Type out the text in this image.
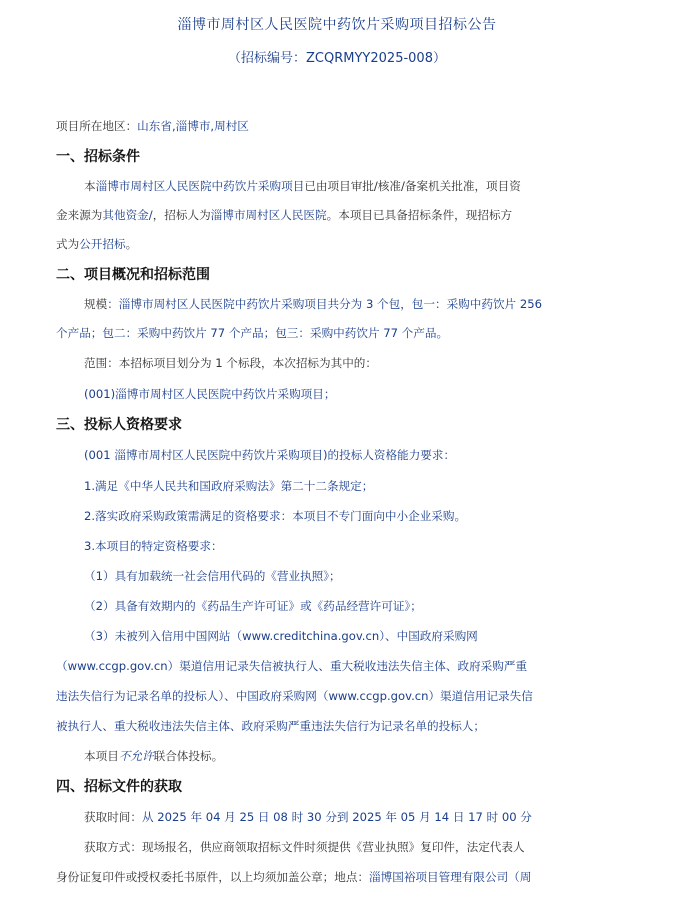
淄博市周村区人民医院中药饮片采购项目招标公告
（招标编号：ZCQRMYY2025-008）
项目所在地区：山东省,淄博市,周村区
一、招标条件
本淄博市周村区人民医院中药饮片采购项目已由项目审批/核准/备案机关批准，项目资
金来源为其他资金/，招标人为淄博市周村区人民医院。本项目已具备招标条件，现招标方
式为公开招标。
二、项目概况和招标范围
规模：淄博市周村区人民医院中药饮片采购项目共分为 3 个包，包一：采购中药饮片 256
个产品；包二：采购中药饮片 77 个产品；包三：采购中药饮片 77 个产品。
范围：本招标项目划分为 1 个标段，本次招标为其中的：
(001)淄博市周村区人民医院中药饮片采购项目；
三、投标人资格要求
(001 淄博市周村区人民医院中药饮片采购项目)的投标人资格能力要求：
1.满足《中华人民共和国政府采购法》第二十二条规定；
2.落实政府采购政策需满足的资格要求：本项目不专门面向中小企业采购。
3.本项目的特定资格要求：
（1）具有加载统一社会信用代码的《营业执照》；
（2）具备有效期内的《药品生产许可证》或《药品经营许可证》；
（3）未被列入信用中国网站（www.creditchina.gov.cn）、中国政府采购网
（www.ccgp.gov.cn）渠道信用记录失信被执行人、重大税收违法失信主体、政府采购严重
违法失信行为记录名单的投标人）、中国政府采购网（www.ccgp.gov.cn）渠道信用记录失信
被执行人、重大税收违法失信主体、政府采购严重违法失信行为记录名单的投标人；
本项目不允许联合体投标。
四、招标文件的获取
获取时间：从 2025 年 04 月 25 日 08 时 30 分到 2025 年 05 月 14 日 17 时 00 分
获取方式：现场报名，供应商领取招标文件时须提供《营业执照》复印件，法定代表人
身份证复印件或授权委托书原件，以上均须加盖公章；地点：淄博国裕项目管理有限公司（周
